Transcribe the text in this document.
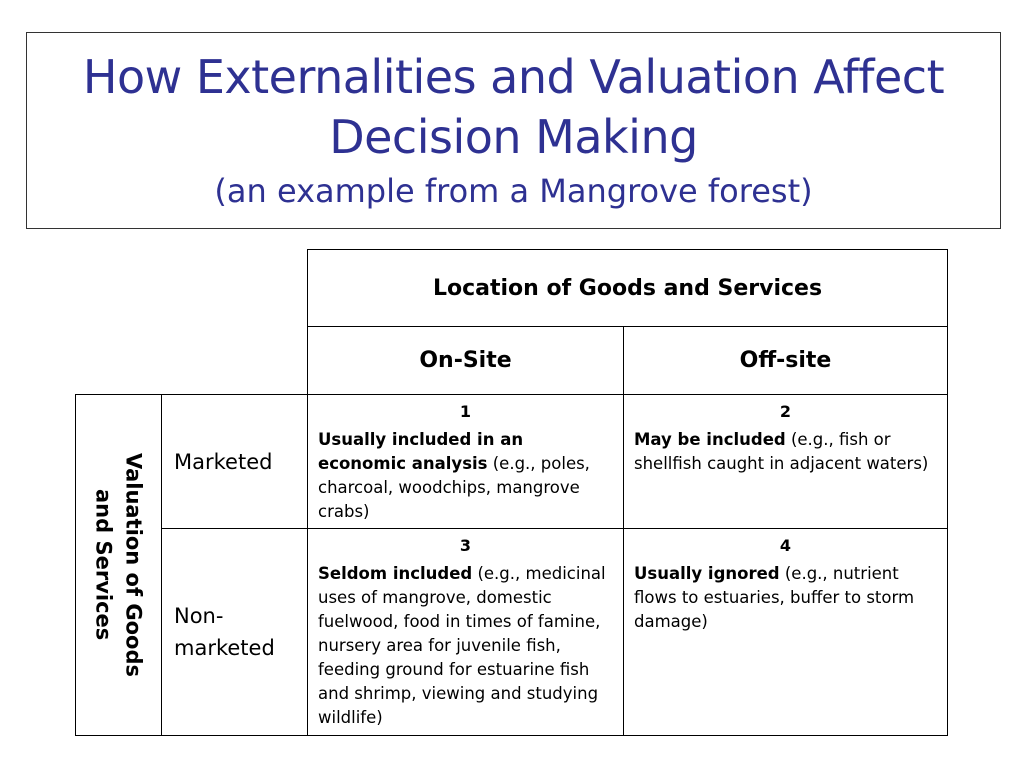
How Externalities and Valuation Affect
Decision Making
(an example from a Mangrove forest)
Location of Goods and Services
On-Site	Off-site
Valuation of Goods
and Services
Marketed
Non-
marketed
1
Usually included in an economic analysis (e.g., poles, charcoal, woodchips, mangrove crabs)
2
May be included (e.g., fish or shellfish caught in adjacent waters)
3
Seldom included (e.g., medicinal uses of mangrove, domestic fuelwood, food in times of famine, nursery area for juvenile fish, feeding ground for estuarine fish and shrimp, viewing and studying wildlife)
4
Usually ignored (e.g., nutrient flows to estuaries, buffer to storm damage)
